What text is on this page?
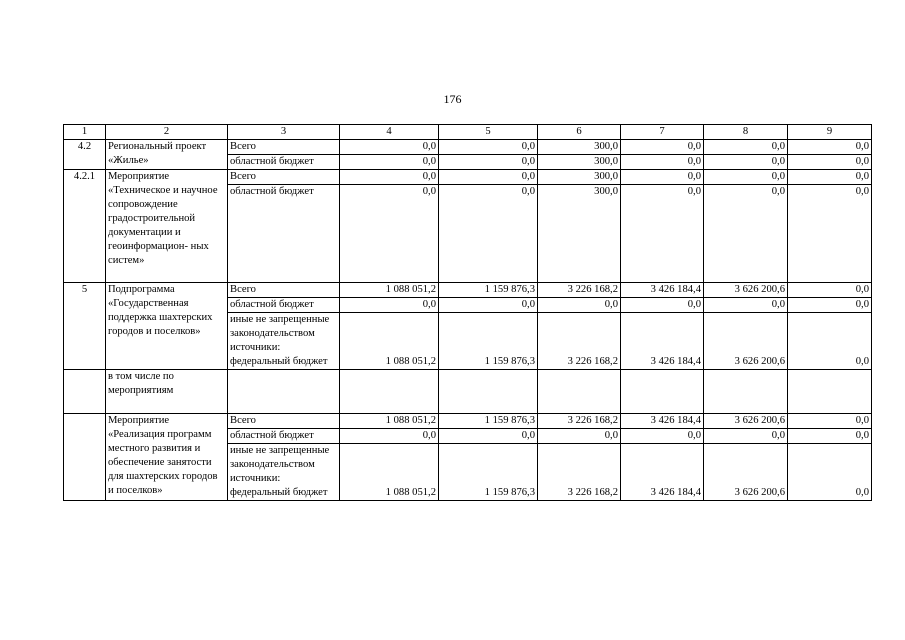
176
1	2	3	4	5	6	7	8	9
4.2	Региональный проект «Жилье»	Всего	0,0	0,0	300,0	0,0	0,0	0,0
		областной бюджет	0,0	0,0	300,0	0,0	0,0	0,0
4.2.1	Мероприятие «Техническое и научное сопровождение градостроительной документации и геоинформацион- ных систем»	Всего	0,0	0,0	300,0	0,0	0,0	0,0
		областной бюджет	0,0	0,0	300,0	0,0	0,0	0,0
5	Подпрограмма «Государственная поддержка шахтерских городов и поселков»	Всего	1 088 051,2	1 159 876,3	3 226 168,2	3 426 184,4	3 626 200,6	0,0
		областной бюджет	0,0	0,0	0,0	0,0	0,0	0,0
		иные не запрещенные законодательством источники: федеральный бюджет	1 088 051,2	1 159 876,3	3 226 168,2	3 426 184,4	3 626 200,6	0,0
	в том числе по мероприятиям							
	Мероприятие «Реализация программ местного развития и обеспечение занятости для шахтерских городов и поселков»	Всего	1 088 051,2	1 159 876,3	3 226 168,2	3 426 184,4	3 626 200,6	0,0
		областной бюджет	0,0	0,0	0,0	0,0	0,0	0,0
		иные не запрещенные законодательством источники: федеральный бюджет	1 088 051,2	1 159 876,3	3 226 168,2	3 426 184,4	3 626 200,6	0,0
